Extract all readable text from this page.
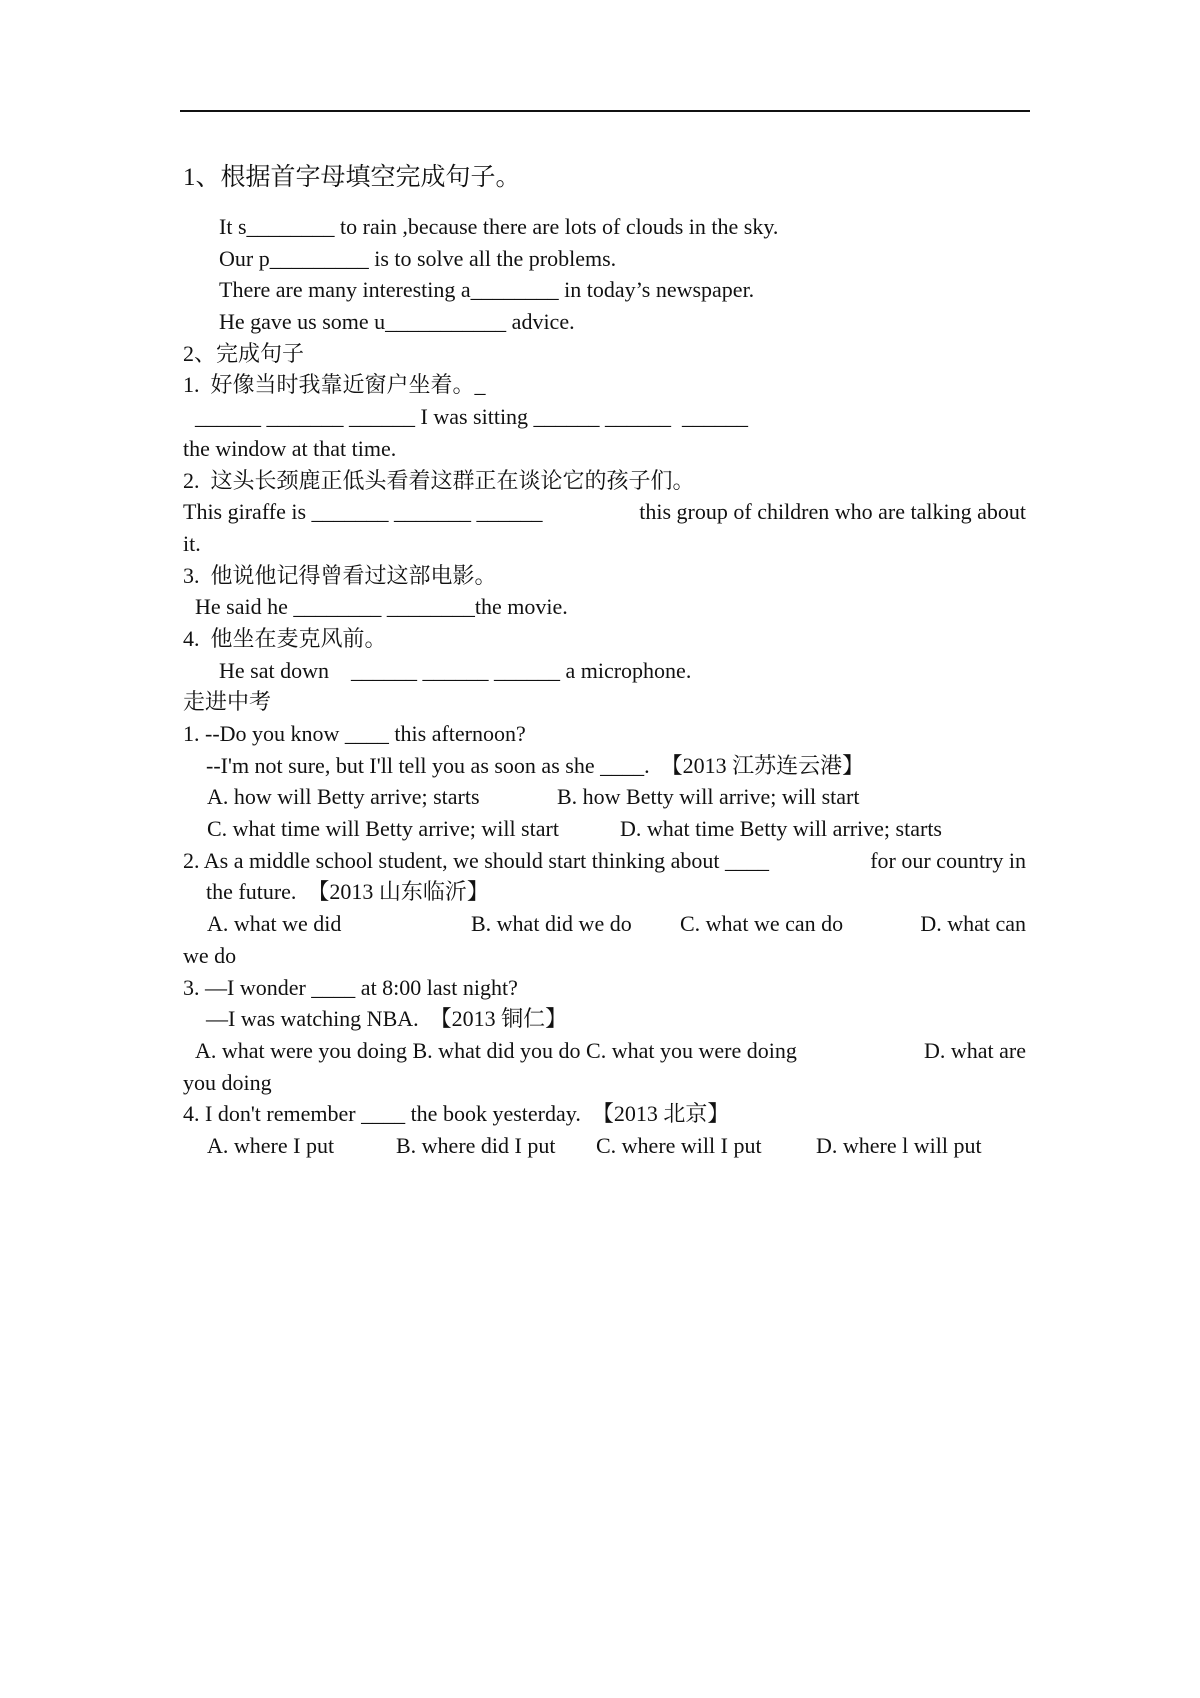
1、根据首字母填空完成句子。
It s________ to rain ,because there are lots of clouds in the sky.
Our p_________ is to solve all the problems.
There are many interesting a________ in today’s newspaper.
He gave us some u___________ advice.
2、完成句子
1.  好像当时我靠近窗户坐着。_
______ _______ ______ I was sitting ______ ______  ______
the window at that time.
2.  这头长颈鹿正低头看着这群正在谈论它的孩子们。
This giraffe is _______ _______ ______	this group of children who are talking about
it.
3.  他说他记得曾看过这部电影。
He said he ________ ________the movie.
4.  他坐在麦克风前。
He sat down    ______ ______ ______ a microphone.
走进中考
1. --Do you know ____ this afternoon?
--I'm not sure, but I'll tell you as soon as she ____.  【2013 江苏连云港】

A. how will Betty arrive; starts

	B. how Betty will arrive; will start

C. what time will Betty arrive; will start

	D. what time Betty will arrive; starts

2. As a middle school student, we should start thinking about ____	for our country in
the future.  【2013 山东临沂】

A. what we did

	B. what did we do

C. what we can do

	D. what can

we do
3. —I wonder ____ at 8:00 last night?
—I was watching NBA.  【2013 铜仁】

A. what were you doing B. what did you do C. what you were doing

	D. what are

you doing
4. I don't remember ____ the book yesterday.  【2013 北京】

A. where I put

	B. where did I put

C. where will I put

D. where l will put
